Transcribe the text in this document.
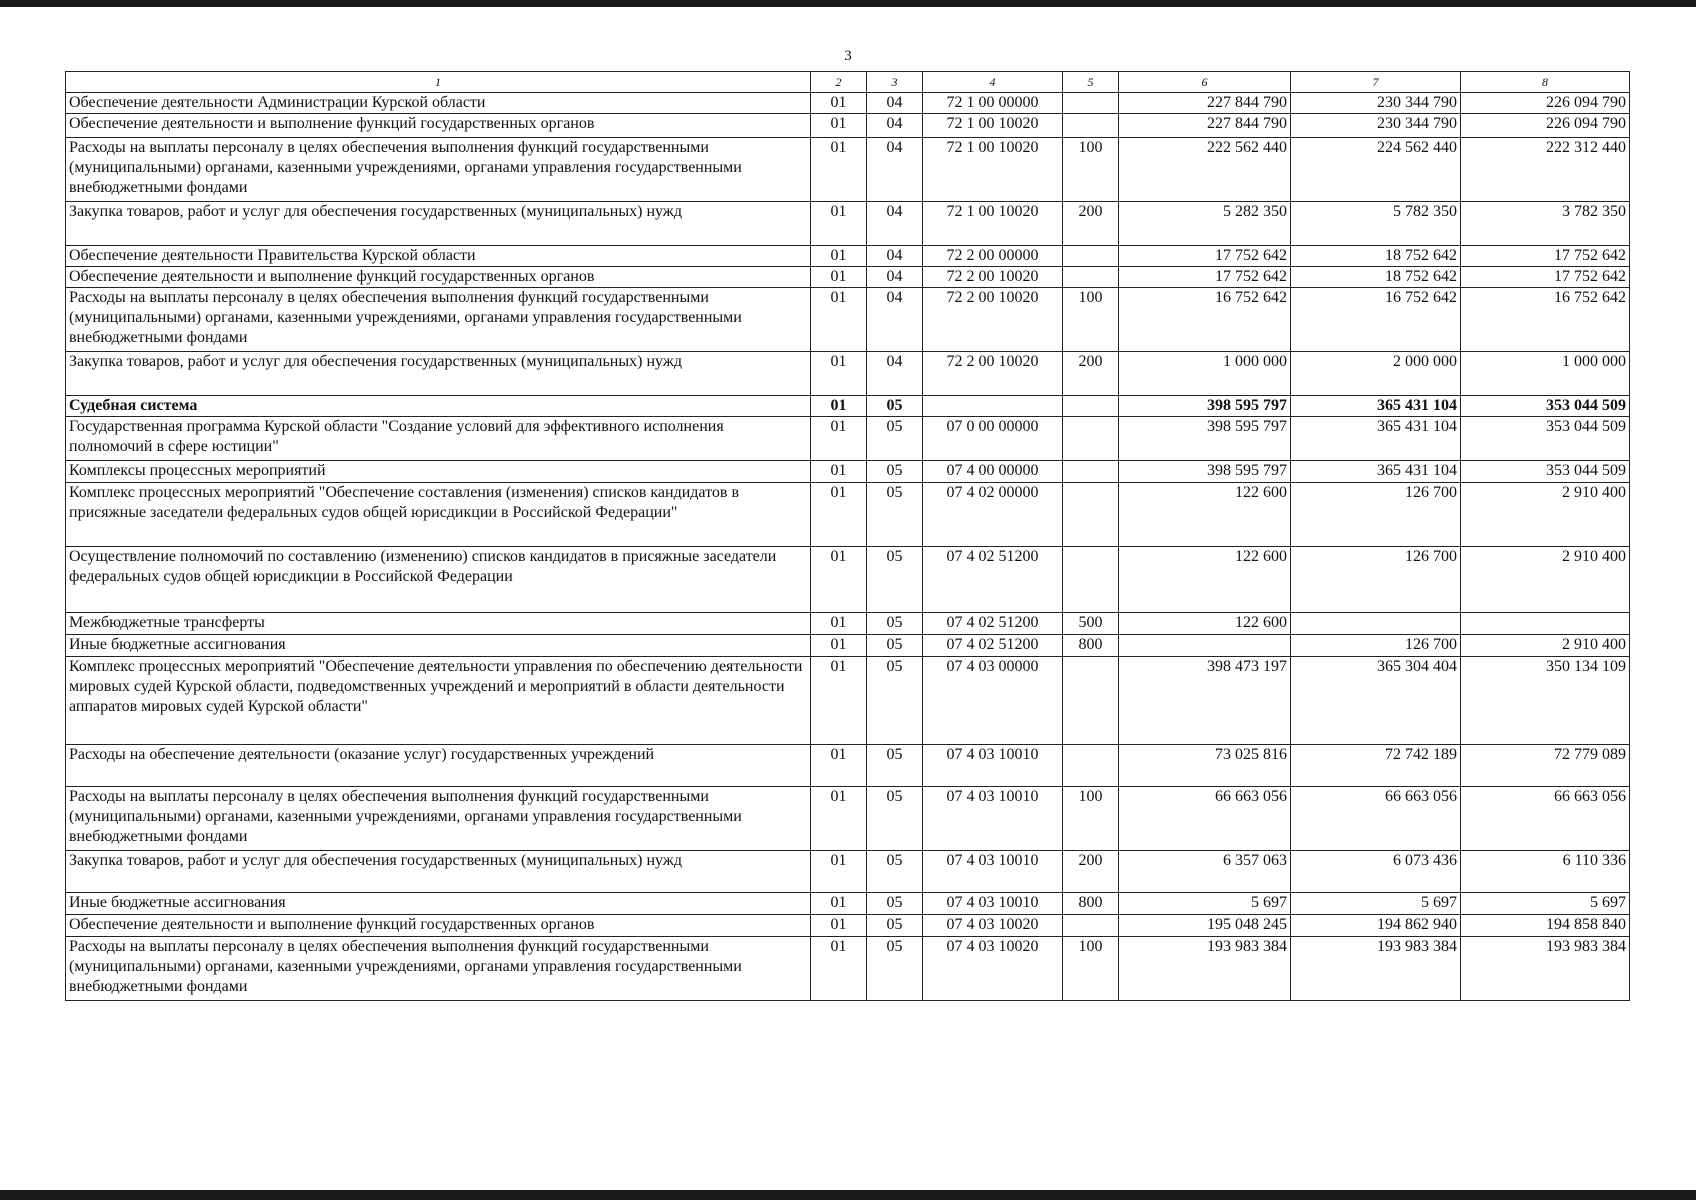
3
1	2	3	4	5	6	7	8
Обеспечение деятельности Администрации Курской области	01	04	72 1 00 00000		227 844 790	230 344 790	226 094 790
Обеспечение деятельности и выполнение функций государственных органов	01	04	72 1 00 10020		227 844 790	230 344 790	226 094 790
Расходы на выплаты персоналу в целях обеспечения выполнения функций государственными (муниципальными) органами, казенными учреждениями, органами управления государственными внебюджетными фондами	01	04	72 1 00 10020	100	222 562 440	224 562 440	222 312 440
Закупка товаров, работ и услуг для обеспечения государственных (муниципальных) нужд	01	04	72 1 00 10020	200	5 282 350	5 782 350	3 782 350
Обеспечение деятельности Правительства Курской области	01	04	72 2 00 00000		17 752 642	18 752 642	17 752 642
Обеспечение деятельности и выполнение функций государственных органов	01	04	72 2 00 10020		17 752 642	18 752 642	17 752 642
Расходы на выплаты персоналу в целях обеспечения выполнения функций государственными (муниципальными) органами, казенными учреждениями, органами управления государственными внебюджетными фондами	01	04	72 2 00 10020	100	16 752 642	16 752 642	16 752 642
Закупка товаров, работ и услуг для обеспечения государственных (муниципальных) нужд	01	04	72 2 00 10020	200	1 000 000	2 000 000	1 000 000
Судебная система	01	05			398 595 797	365 431 104	353 044 509
Государственная программа Курской области "Создание условий для эффективного исполнения полномочий в сфере юстиции"	01	05	07 0 00 00000		398 595 797	365 431 104	353 044 509
Комплексы процессных мероприятий	01	05	07 4 00 00000		398 595 797	365 431 104	353 044 509
Комплекс процессных мероприятий "Обеспечение составления (изменения) списков кандидатов в присяжные заседатели федеральных судов общей юрисдикции в Российской Федерации"	01	05	07 4 02 00000		122 600	126 700	2 910 400
Осуществление полномочий по составлению (изменению) списков кандидатов в присяжные заседатели федеральных судов общей юрисдикции в Российской Федерации	01	05	07 4 02 51200		122 600	126 700	2 910 400
Межбюджетные трансферты	01	05	07 4 02 51200	500	122 600		
Иные бюджетные ассигнования	01	05	07 4 02 51200	800		126 700	2 910 400
Комплекс процессных мероприятий "Обеспечение деятельности управления по обеспечению деятельности мировых судей Курской области, подведомственных учреждений и мероприятий в области деятельности аппаратов мировых судей Курской области"	01	05	07 4 03 00000		398 473 197	365 304 404	350 134 109
Расходы на обеспечение деятельности (оказание услуг) государственных учреждений	01	05	07 4 03 10010		73 025 816	72 742 189	72 779 089
Расходы на выплаты персоналу в целях обеспечения выполнения функций государственными (муниципальными) органами, казенными учреждениями, органами управления государственными внебюджетными фондами	01	05	07 4 03 10010	100	66 663 056	66 663 056	66 663 056
Закупка товаров, работ и услуг для обеспечения государственных (муниципальных) нужд	01	05	07 4 03 10010	200	6 357 063	6 073 436	6 110 336
Иные бюджетные ассигнования	01	05	07 4 03 10010	800	5 697	5 697	5 697
Обеспечение деятельности и выполнение функций государственных органов	01	05	07 4 03 10020		195 048 245	194 862 940	194 858 840
Расходы на выплаты персоналу в целях обеспечения выполнения функций государственными (муниципальными) органами, казенными учреждениями, органами управления государственными внебюджетными фондами	01	05	07 4 03 10020	100	193 983 384	193 983 384	193 983 384
